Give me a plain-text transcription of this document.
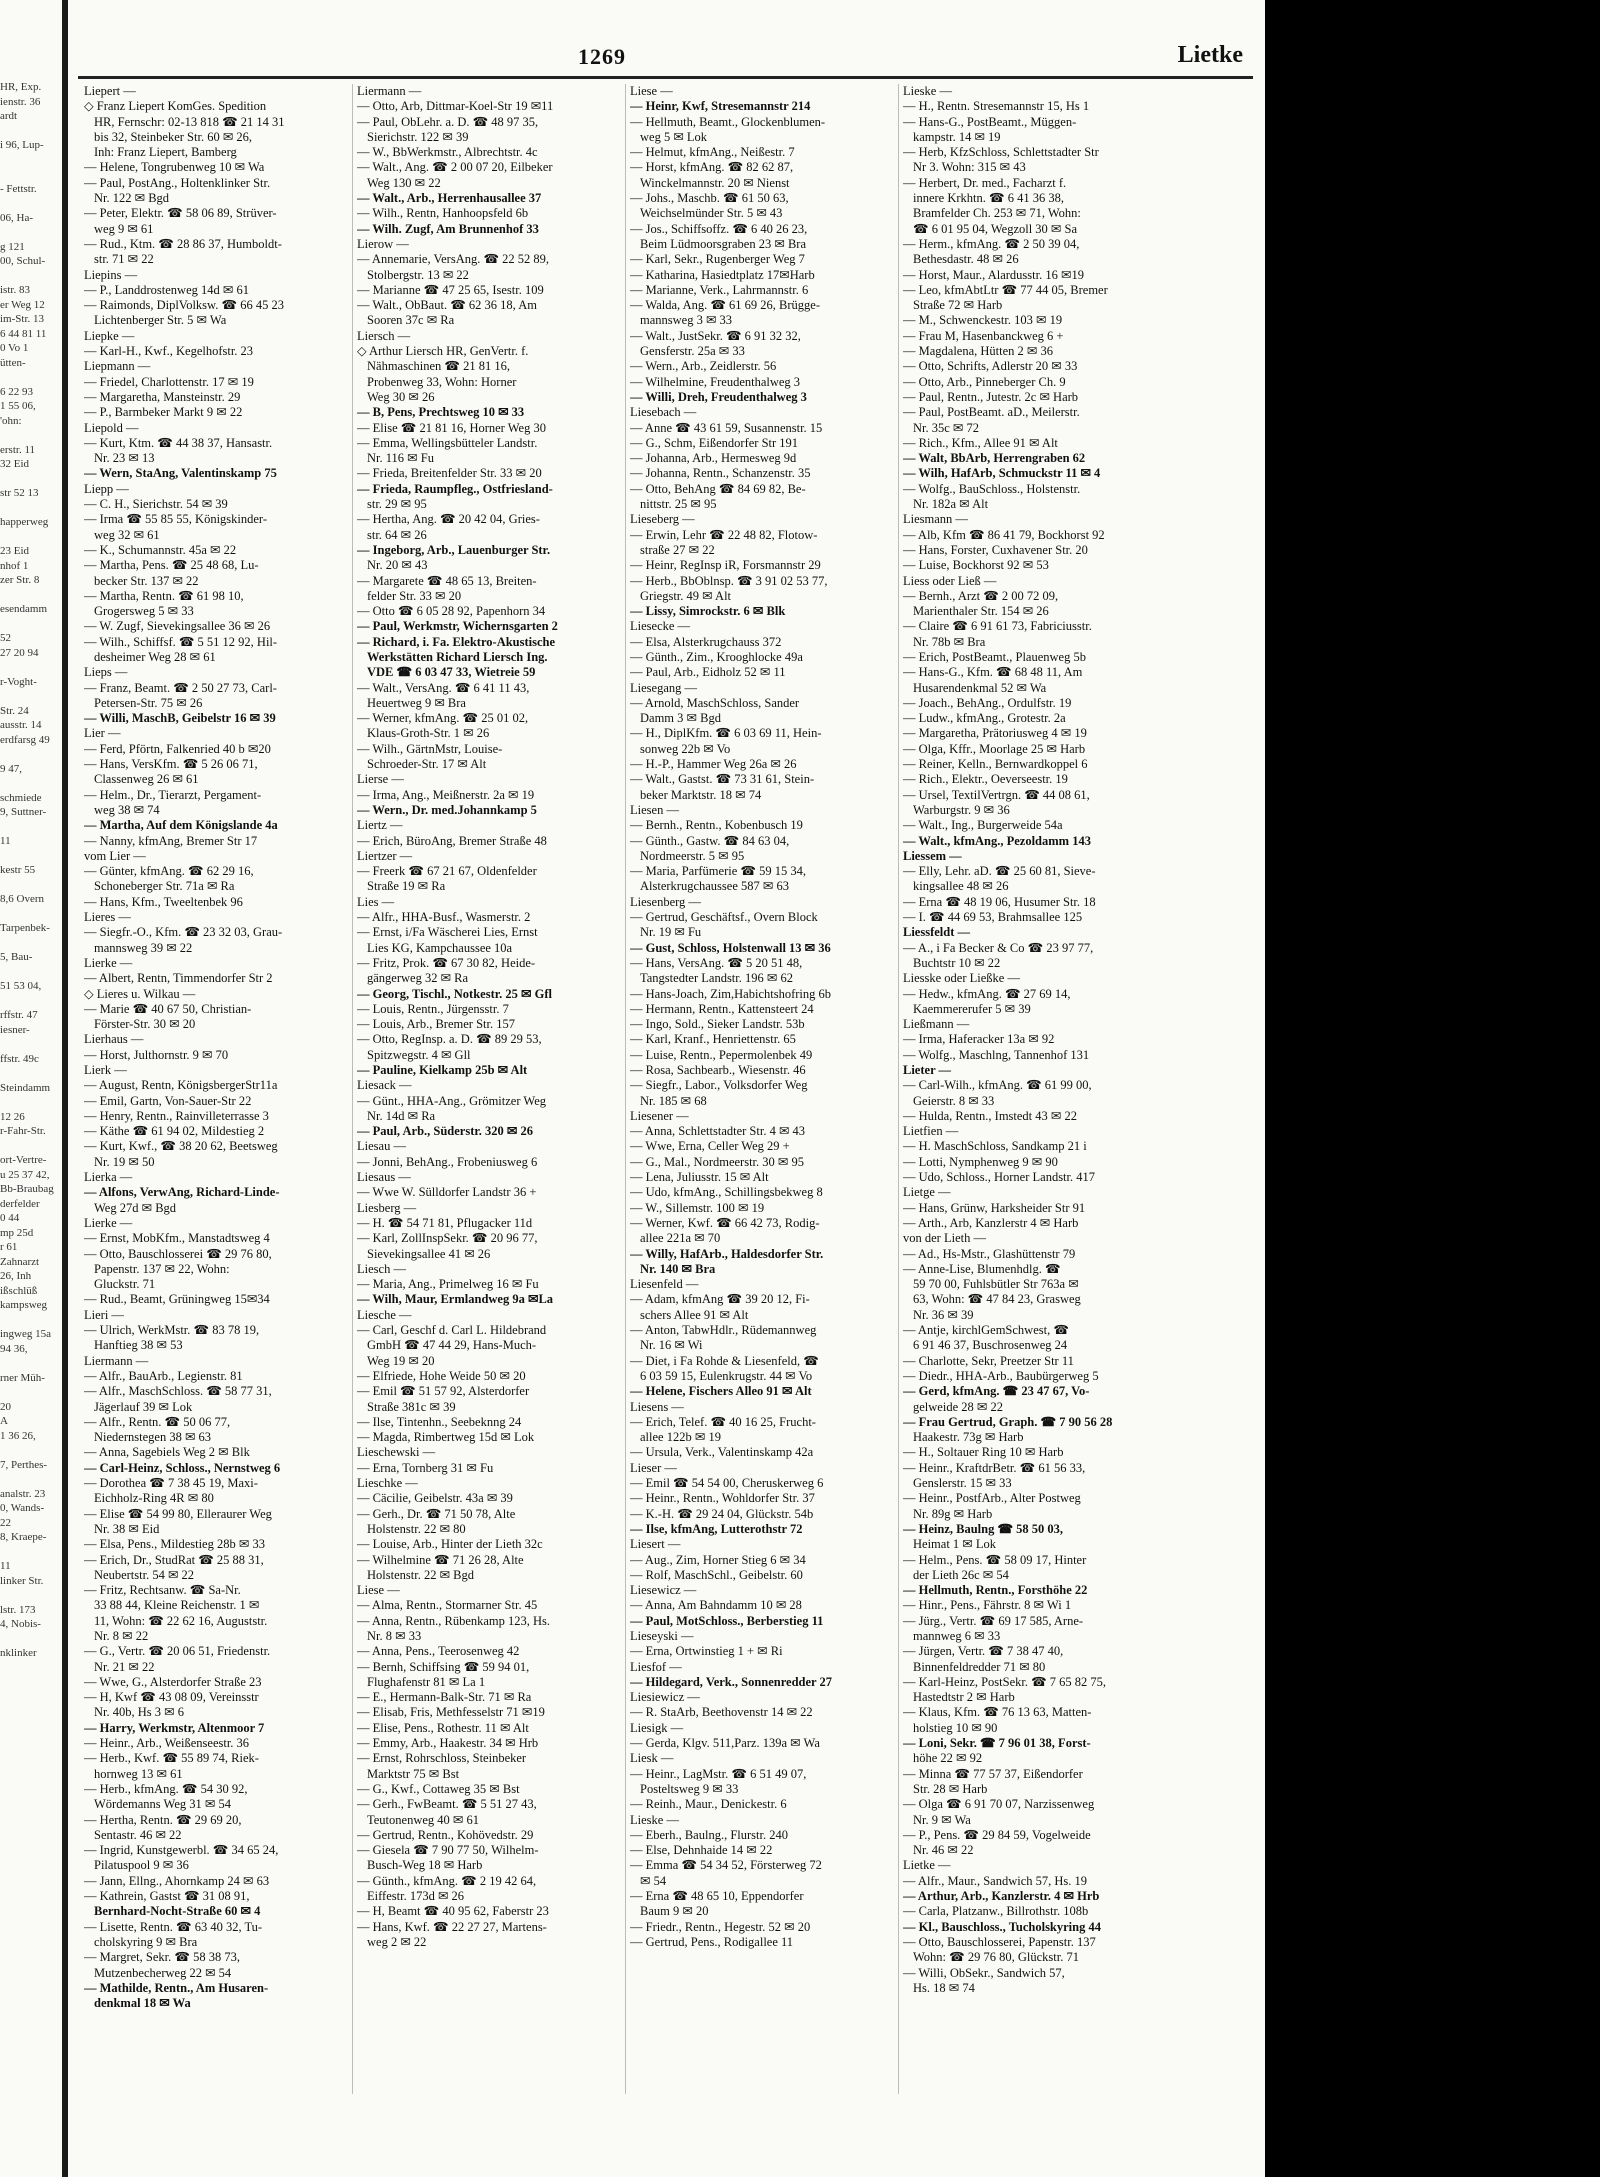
HR, Exp.
ienstr. 36
ardt
i 96, Lup-
- Fettstr.
06, Ha-
g 121
00, Schul-
istr. 83
er Weg 12
im-Str. 13
6 44 81 11
0 Vo 1
ütten-
6 22 93
1 55 06,
'ohn:
erstr. 11
32 Eid
str 52 13
happerweg
23 Eid
nhof 1
zer Str. 8
esendamm
52
27 20 94
r-Voght-
Str. 24
ausstr. 14
erdfarsg 49
9 47,
schmiede
9, Suttner-
11
kestr 55
8,6 Overn
Tarpenbek-
5, Bau-
51 53 04,
rffstr. 47
iesner-
ffstr. 49c
Steindamm
12 26
r-Fahr-Str.
ort-Vertre-
u 25 37 42,
Bb-Braubag
derfelder
0 44
mp 25d
r 61
Zahnarzt
26, Inh
ißschlüß
kampsweg
ingweg 15a
94 36,
rner Müh-
20
A
1 36 26,
7, Perthes-
analstr. 23
0, Wands-
22
8, Kraepe-
11
linker Str.
lstr. 173
4, Nobis-
nklinker
1269	Lietke
Liepert —
◇ Franz Liepert KomGes. Spedition
HR, Fernschr: 02-13 818 ☎ 21 14 31
bis 32, Steinbeker Str. 60 ✉ 26,
Inh: Franz Liepert, Bamberg
— Helene, Tongrubenweg 10 ✉ Wa
— Paul, PostAng., Holtenklinker Str.
Nr. 122 ✉ Bgd
— Peter, Elektr. ☎ 58 06 89, Strüver-
weg 9 ✉ 61
— Rud., Ktm. ☎ 28 86 37, Humboldt-
str. 71 ✉ 22
Liepins —
— P., Landdrostenweg 14d ✉ 61
— Raimonds, DiplVolksw. ☎ 66 45 23
Lichtenberger Str. 5 ✉ Wa
Liepke —
— Karl-H., Kwf., Kegelhofstr. 23
Liepmann —
— Friedel, Charlottenstr. 17 ✉ 19
— Margaretha, Mansteinstr. 29
— P., Barmbeker Markt 9 ✉ 22
Liepold —
— Kurt, Ktm. ☎ 44 38 37, Hansastr.
Nr. 23 ✉ 13
— Wern, StaAng, Valentinskamp 75
Liepp —
— C. H., Sierichstr. 54 ✉ 39
— Irma ☎ 55 85 55, Königskinder-
weg 32 ✉ 61
— K., Schumannstr. 45a ✉ 22
— Martha, Pens. ☎ 25 48 68, Lu-
becker Str. 137 ✉ 22
— Martha, Rentn. ☎ 61 98 10,
Grogersweg 5 ✉ 33
— W. Zugf, Sievekingsallee 36 ✉ 26
— Wilh., Schiffsf. ☎ 5 51 12 92, Hil-
desheimer Weg 28 ✉ 61
Lieps —
— Franz, Beamt. ☎ 2 50 27 73, Carl-
Petersen-Str. 75 ✉ 26
— Willi, MaschB, Geibelstr 16 ✉ 39
Lier —
— Ferd, Pförtn, Falkenried 40 b ✉20
— Hans, VersKfm. ☎ 5 26 06 71,
Classenweg 26 ✉ 61
— Helm., Dr., Tierarzt, Pergament-
weg 38 ✉ 74
— Martha, Auf dem Königslande 4a
— Nanny, kfmAng, Bremer Str 17
vom Lier —
— Günter, kfmAng. ☎ 62 29 16,
Schoneberger Str. 71a ✉ Ra
— Hans, Kfm., Tweeltenbek 96
Lieres —
— Siegfr.-O., Kfm. ☎ 23 32 03, Grau-
mannsweg 39 ✉ 22
Lierke —
— Albert, Rentn, Timmendorfer Str 2
◇ Lieres u. Wilkau —
— Marie ☎ 40 67 50, Christian-
Förster-Str. 30 ✉ 20
Lierhaus —
— Horst, Julthornstr. 9 ✉ 70
Lierk —
— August, Rentn, KönigsbergerStr11a
— Emil, Gartn, Von-Sauer-Str 22
— Henry, Rentn., Rainvilleterrasse 3
— Käthe ☎ 61 94 02, Mildestieg 2
— Kurt, Kwf., ☎ 38 20 62, Beetsweg
Nr. 19 ✉ 50
Lierka —
— Alfons, VerwAng, Richard-Linde-
Weg 27d ✉ Bgd
Lierke —
— Ernst, MobKfm., Manstadtsweg 4
— Otto, Bauschlosserei ☎ 29 76 80,
Papenstr. 137 ✉ 22, Wohn:
Gluckstr. 71
— Rud., Beamt, Grüningweg 15✉34
Lieri —
— Ulrich, WerkMstr. ☎ 83 78 19,
Hanftieg 38 ✉ 53
Liermann —
— Alfr., BauArb., Legienstr. 81
— Alfr., MaschSchloss. ☎ 58 77 31,
Jägerlauf 39 ✉ Lok
— Alfr., Rentn. ☎ 50 06 77,
Niedernstegen 38 ✉ 63
— Anna, Sagebiels Weg 2 ✉ Blk
— Carl-Heinz, Schloss., Nernstweg 6
— Dorothea ☎ 7 38 45 19, Maxi-
Eichholz-Ring 4R ✉ 80
— Elise ☎ 54 99 80, Elleraurer Weg
Nr. 38 ✉ Eid
— Elsa, Pens., Mildestieg 28b ✉ 33
— Erich, Dr., StudRat ☎ 25 88 31,
Neubertstr. 54 ✉ 22
— Fritz, Rechtsanw. ☎ Sa-Nr.
33 88 44, Kleine Reichenstr. 1 ✉
11, Wohn: ☎ 22 62 16, Auguststr.
Nr. 8 ✉ 22
— G., Vertr. ☎ 20 06 51, Friedenstr.
Nr. 21 ✉ 22
— Wwe, G., Alsterdorfer Straße 23
— H, Kwf ☎ 43 08 09, Vereinsstr
Nr. 40b, Hs 3 ✉ 6
— Harry, Werkmstr, Altenmoor 7
— Heinr., Arb., Weißenseestr. 36
— Herb., Kwf. ☎ 55 89 74, Riek-
hornweg 13 ✉ 61
— Herb., kfmAng. ☎ 54 30 92,
Wördemanns Weg 31 ✉ 54
— Hertha, Rentn. ☎ 29 69 20,
Sentastr. 46 ✉ 22
— Ingrid, Kunstgewerbl. ☎ 34 65 24,
Pilatuspool 9 ✉ 36
— Jann, Ellng., Ahornkamp 24 ✉ 63
— Kathrein, Gastst ☎ 31 08 91,
Bernhard-Nocht-Straße 60 ✉ 4
— Lisette, Rentn. ☎ 63 40 32, Tu-
cholskyring 9 ✉ Bra
— Margret, Sekr. ☎ 58 38 73,
Mutzenbecherweg 22 ✉ 54
— Mathilde, Rentn., Am Husaren-
denkmal 18 ✉ Wa
Liermann —
— Otto, Arb, Dittmar-Koel-Str 19 ✉11
— Paul, ObLehr. a. D. ☎ 48 97 35,
Sierichstr. 122 ✉ 39
— W., BbWerkmstr., Albrechtstr. 4c
— Walt., Ang. ☎ 2 00 07 20, Eilbeker
Weg 130 ✉ 22
— Walt., Arb., Herrenhausallee 37
— Wilh., Rentn, Hanhoopsfeld 6b
— Wilh. Zugf, Am Brunnenhof 33
Lierow —
— Annemarie, VersAng. ☎ 22 52 89,
Stolbergstr. 13 ✉ 22
— Marianne ☎ 47 25 65, Isestr. 109
— Walt., ObBaut. ☎ 62 36 18, Am
Sooren 37c ✉ Ra
Liersch —
◇ Arthur Liersch HR, GenVertr. f.
Nähmaschinen ☎ 21 81 16,
Probenweg 33, Wohn: Horner
Weg 30 ✉ 26
— B, Pens, Prechtsweg 10 ✉ 33
— Elise ☎ 21 81 16, Horner Weg 30
— Emma, Wellingsbütteler Landstr.
Nr. 116 ✉ Fu
— Frieda, Breitenfelder Str. 33 ✉ 20
— Frieda, Raumpfleg., Ostfriesland-
str. 29 ✉ 95
— Hertha, Ang. ☎ 20 42 04, Gries-
str. 64 ✉ 26
— Ingeborg, Arb., Lauenburger Str.
Nr. 20 ✉ 43
— Margarete ☎ 48 65 13, Breiten-
felder Str. 33 ✉ 20
— Otto ☎ 6 05 28 92, Papenhorn 34
— Paul, Werkmstr, Wichernsgarten 2
— Richard, i. Fa. Elektro-Akustische
Werkstätten Richard Liersch Ing.
VDE ☎ 6 03 47 33, Wietreie 59
— Walt., VersAng. ☎ 6 41 11 43,
Heuertweg 9 ✉ Bra
— Werner, kfmAng. ☎ 25 01 02,
Klaus-Groth-Str. 1 ✉ 26
— Wilh., GärtnMstr, Louise-
Schroeder-Str. 17 ✉ Alt
Lierse —
— Irma, Ang., Meißnerstr. 2a ✉ 19
— Wern., Dr. med.Johannkamp 5
Liertz —
— Erich, BüroAng, Bremer Straße 48
Liertzer —
— Freerk ☎ 67 21 67, Oldenfelder
Straße 19 ✉ Ra
Lies —
— Alfr., HHA-Busf., Wasmerstr. 2
— Ernst, i/Fa Wäscherei Lies, Ernst
Lies KG, Kampchaussee 10a
— Fritz, Prok. ☎ 67 30 82, Heide-
gängerweg 32 ✉ Ra
— Georg, Tischl., Notkestr. 25 ✉ Gfl
— Louis, Rentn., Jürgensstr. 7
— Louis, Arb., Bremer Str. 157
— Otto, RegInsp. a. D. ☎ 89 29 53,
Spitzwegstr. 4 ✉ Gll
— Pauline, Kielkamp 25b ✉ Alt
Liesack —
— Günt., HHA-Ang., Grömitzer Weg
Nr. 14d ✉ Ra
— Paul, Arb., Süderstr. 320 ✉ 26
Liesau —
— Jonni, BehAng., Frobeniusweg 6
Liesaus —
— Wwe W. Sülldorfer Landstr 36 +
Liesberg —
— H. ☎ 54 71 81, Pflugacker 11d
— Karl, ZollInspSekr. ☎ 20 96 77,
Sievekingsallee 41 ✉ 26
Liesch —
— Maria, Ang., Primelweg 16 ✉ Fu
— Wilh, Maur, Ermlandweg 9a ✉La
Liesche —
— Carl, Geschf d. Carl L. Hildebrand
GmbH ☎ 47 44 29, Hans-Much-
Weg 19 ✉ 20
— Elfriede, Hohe Weide 50 ✉ 20
— Emil ☎ 51 57 92, Alsterdorfer
Straße 381c ✉ 39
— Ilse, Tintenhn., Seebeknng 24
— Magda, Rimbertweg 15d ✉ Lok
Lieschewski —
— Erna, Tornberg 31 ✉ Fu
Lieschke —
— Cäcilie, Geibelstr. 43a ✉ 39
— Gerh., Dr. ☎ 71 50 78, Alte
Holstenstr. 22 ✉ 80
— Louise, Arb., Hinter der Lieth 32c
— Wilhelmine ☎ 71 26 28, Alte
Holstenstr. 22 ✉ Bgd
Liese —
— Alma, Rentn., Stormarner Str. 45
— Anna, Rentn., Rübenkamp 123, Hs.
Nr. 8 ✉ 33
— Anna, Pens., Teerosenweg 42
— Bernh, Schiffsing ☎ 59 94 01,
Flughafenstr 81 ✉ La 1
— E., Hermann-Balk-Str. 71 ✉ Ra
— Elisab, Fris, Methfesselstr 71 ✉19
— Elise, Pens., Rothestr. 11 ✉ Alt
— Emmy, Arb., Haakestr. 34 ✉ Hrb
— Ernst, Rohrschloss, Steinbeker
Marktstr 75 ✉ Bst
— G., Kwf., Cottaweg 35 ✉ Bst
— Gerh., FwBeamt. ☎ 5 51 27 43,
Teutonenweg 40 ✉ 61
— Gertrud, Rentn., Kohövedstr. 29
— Giesela ☎ 7 90 77 50, Wilhelm-
Busch-Weg 18 ✉ Harb
— Günth., kfmAng. ☎ 2 19 42 64,
Eiffestr. 173d ✉ 26
— H, Beamt ☎ 40 95 62, Faberstr 23
— Hans, Kwf. ☎ 22 27 27, Martens-
weg 2 ✉ 22
Liese —
— Heinr, Kwf, Stresemannstr 214
— Hellmuth, Beamt., Glockenblumen-
weg 5 ✉ Lok
— Helmut, kfmAng., Neißestr. 7
— Horst, kfmAng. ☎ 82 62 87,
Winckelmannstr. 20 ✉ Nienst
— Johs., Maschb. ☎ 61 50 63,
Weichselmünder Str. 5 ✉ 43
— Jos., Schiffsoffz. ☎ 6 40 26 23,
Beim Lüdmoorsgraben 23 ✉ Bra
— Karl, Sekr., Rugenberger Weg 7
— Katharina, Hasiedtplatz 17✉Harb
— Marianne, Verk., Lahrmannstr. 6
— Walda, Ang. ☎ 61 69 26, Brügge-
mannsweg 3 ✉ 33
— Walt., JustSekr. ☎ 6 91 32 32,
Gensferstr. 25a ✉ 33
— Wern., Arb., Zeidlerstr. 56
— Wilhelmine, Freudenthalweg 3
— Willi, Dreh, Freudenthalweg 3
Liesebach —
— Anne ☎ 43 61 59, Susannenstr. 15
— G., Schm, Eißendorfer Str 191
— Johanna, Arb., Hermesweg 9d
— Johanna, Rentn., Schanzenstr. 35
— Otto, BehAng ☎ 84 69 82, Be-
nittstr. 25 ✉ 95
Lieseberg —
— Erwin, Lehr ☎ 22 48 82, Flotow-
straße 27 ✉ 22
— Heinr, RegInsp iR, Forsmannstr 29
— Herb., BbOblnsp. ☎ 3 91 02 53 77,
Griegstr. 49 ✉ Alt
— Lissy, Simrockstr. 6 ✉ Blk
Liesecke —
— Elsa, Alsterkrugchauss 372
— Günth., Zim., Krooghlocke 49a
— Paul, Arb., Eidholz 52 ✉ 11
Liesegang —
— Arnold, MaschSchloss, Sander
Damm 3 ✉ Bgd
— H., DiplKfm. ☎ 6 03 69 11, Hein-
sonweg 22b ✉ Vo
— H.-P., Hammer Weg 26a ✉ 26
— Walt., Gastst. ☎ 73 31 61, Stein-
beker Marktstr. 18 ✉ 74
Liesen —
— Bernh., Rentn., Kobenbusch 19
— Günth., Gastw. ☎ 84 63 04,
Nordmeerstr. 5 ✉ 95
— Maria, Parfümerie ☎ 59 15 34,
Alsterkrugchaussee 587 ✉ 63
Liesenberg —
— Gertrud, Geschäftsf., Overn Block
Nr. 19 ✉ Fu
— Gust, Schloss, Holstenwall 13 ✉ 36
— Hans, VersAng. ☎ 5 20 51 48,
Tangstedter Landstr. 196 ✉ 62
— Hans-Joach, Zim,Habichtshofring 6b
— Hermann, Rentn., Kattensteert 24
— Ingo, Sold., Sieker Landstr. 53b
— Karl, Kranf., Henriettenstr. 65
— Luise, Rentn., Pepermolenbek 49
— Rosa, Sachbearb., Wiesenstr. 46
— Siegfr., Labor., Volksdorfer Weg
Nr. 185 ✉ 68
Liesener —
— Anna, Schlettstadter Str. 4 ✉ 43
— Wwe, Erna, Celler Weg 29 +
— G., Mal., Nordmeerstr. 30 ✉ 95
— Lena, Juliusstr. 15 ✉ Alt
— Udo, kfmAng., Schillingsbekweg 8
— W., Sillemstr. 100 ✉ 19
— Werner, Kwf. ☎ 66 42 73, Rodig-
allee 221a ✉ 70
— Willy, HafArb., Haldesdorfer Str.
Nr. 140 ✉ Bra
Liesenfeld —
— Adam, kfmAng ☎ 39 20 12, Fi-
schers Allee 91 ✉ Alt
— Anton, TabwHdlr., Rüdemannweg
Nr. 16 ✉ Wi
— Diet, i Fa Rohde & Liesenfeld, ☎
6 03 59 15, Eulenkrugstr. 44 ✉ Vo
— Helene, Fischers Alleo 91 ✉ Alt
Liesens —
— Erich, Telef. ☎ 40 16 25, Frucht-
allee 122b ✉ 19
— Ursula, Verk., Valentinskamp 42a
Lieser —
— Emil ☎ 54 54 00, Cheruskerweg 6
— Heinr., Rentn., Wohldorfer Str. 37
— K.-H. ☎ 29 24 04, Glückstr. 54b
— Ilse, kfmAng, Lutterothstr 72
Liesert —
— Aug., Zim, Horner Stieg 6 ✉ 34
— Rolf, MaschSchl., Geibelstr. 60
Liesewicz —
— Anna, Am Bahndamm 10 ✉ 28
— Paul, MotSchloss., Berberstieg 11
Lieseyski —
— Erna, Ortwinstieg 1 + ✉ Ri
Liesfof —
— Hildegard, Verk., Sonnenredder 27
Liesiewicz —
— R. StaArb, Beethovenstr 14 ✉ 22
Liesigk —
— Gerda, Klgv. 511,Parz. 139a ✉ Wa
Liesk —
— Heinr., LagMstr. ☎ 6 51 49 07,
Posteltsweg 9 ✉ 33
— Reinh., Maur., Denickestr. 6
Lieske —
— Eberh., Baulng., Flurstr. 240
— Else, Dehnhaide 14 ✉ 22
— Emma ☎ 54 34 52, Försterweg 72
✉ 54
— Erna ☎ 48 65 10, Eppendorfer
Baum 9 ✉ 20
— Friedr., Rentn., Hegestr. 52 ✉ 20
— Gertrud, Pens., Rodigallee 11
Lieske —
— H., Rentn. Stresemannstr 15, Hs 1
— Hans-G., PostBeamt., Müggen-
kampstr. 14 ✉ 19
— Herb, KfzSchloss, Schlettstadter Str
Nr 3. Wohn: 315 ✉ 43
— Herbert, Dr. med., Facharzt f.
innere Krkhtn. ☎ 6 41 36 38,
Bramfelder Ch. 253 ✉ 71, Wohn:
☎ 6 01 95 04, Wegzoll 30 ✉ Sa
— Herm., kfmAng. ☎ 2 50 39 04,
Bethesdastr. 48 ✉ 26
— Horst, Maur., Alardusstr. 16 ✉19
— Leo, kfmAbtLtr ☎ 77 44 05, Bremer
Straße 72 ✉ Harb
— M., Schwenckestr. 103 ✉ 19
— Frau M, Hasenbanckweg 6 +
— Magdalena, Hütten 2 ✉ 36
— Otto, Schrifts, Adlerstr 20 ✉ 33
— Otto, Arb., Pinneberger Ch. 9
— Paul, Rentn., Jutestr. 2c ✉ Harb
— Paul, PostBeamt. aD., Meilerstr.
Nr. 35c ✉ 72
— Rich., Kfm., Allee 91 ✉ Alt
— Walt, BbArb, Herrengraben 62
— Wilh, HafArb, Schmuckstr 11 ✉ 4
— Wolfg., BauSchloss., Holstenstr.
Nr. 182a ✉ Alt
Liesmann —
— Alb, Kfm ☎ 86 41 79, Bockhorst 92
— Hans, Forster, Cuxhavener Str. 20
— Luise, Bockhorst 92 ✉ 53
Liess oder Ließ —
— Bernh., Arzt ☎ 2 00 72 09,
Marienthaler Str. 154 ✉ 26
— Claire ☎ 6 91 61 73, Fabriciusstr.
Nr. 78b ✉ Bra
— Erich, PostBeamt., Plauenweg 5b
— Hans-G., Kfm. ☎ 68 48 11, Am
Husarendenkmal 52 ✉ Wa
— Joach., BehAng., Ordulfstr. 19
— Ludw., kfmAng., Grotestr. 2a
— Margaretha, Prätoriusweg 4 ✉ 19
— Olga, Kffr., Moorlage 25 ✉ Harb
— Reiner, Kelln., Bernwardkoppel 6
— Rich., Elektr., Oeverseestr. 19
— Ursel, TextilVertrgn. ☎ 44 08 61,
Warburgstr. 9 ✉ 36
— Walt., Ing., Burgerweide 54a
— Walt., kfmAng., Pezoldamm 143
Liessem —
— Elly, Lehr. aD. ☎ 25 60 81, Sieve-
kingsallee 48 ✉ 26
— Erna ☎ 48 19 06, Husumer Str. 18
— I. ☎ 44 69 53, Brahmsallee 125
Liessfeldt —
— A., i Fa Becker & Co ☎ 23 97 77,
Buchtstr 10 ✉ 22
Liesske oder Ließke —
— Hedw., kfmAng. ☎ 27 69 14,
Kaemmererufer 5 ✉ 39
Ließmann —
— Irma, Haferacker 13a ✉ 92
— Wolfg., Maschlng, Tannenhof 131
Lieter —
— Carl-Wilh., kfmAng. ☎ 61 99 00,
Geierstr. 8 ✉ 33
— Hulda, Rentn., Imstedt 43 ✉ 22
Lietfien —
— H. MaschSchloss, Sandkamp 21 i
— Lotti, Nymphenweg 9 ✉ 90
— Udo, Schloss., Horner Landstr. 417
Lietge —
— Hans, Grünw, Harksheider Str 91
— Arth., Arb, Kanzlerstr 4 ✉ Harb
von der Lieth —
— Ad., Hs-Mstr., Glashüttenstr 79
— Anne-Lise, Blumenhdlg. ☎
59 70 00, Fuhlsbütler Str 763a ✉
63, Wohn: ☎ 47 84 23, Grasweg
Nr. 36 ✉ 39
— Antje, kirchlGemSchwest, ☎
6 91 46 37, Buschrosenweg 24
— Charlotte, Sekr, Preetzer Str 11
— Diedr., HHA-Arb., Baubürgerweg 5
— Gerd, kfmAng. ☎ 23 47 67, Vo-
gelweide 28 ✉ 22
— Frau Gertrud, Graph. ☎ 7 90 56 28
Haakestr. 73g ✉ Harb
— H., Soltauer Ring 10 ✉ Harb
— Heinr., KraftdrBetr. ☎ 61 56 33,
Genslerstr. 15 ✉ 33
— Heinr., PostfArb., Alter Postweg
Nr. 89g ✉ Harb
— Heinz, Baulng ☎ 58 50 03,
Heimat 1 ✉ Lok
— Helm., Pens. ☎ 58 09 17, Hinter
der Lieth 26c ✉ 54
— Hellmuth, Rentn., Forsthöhe 22
— Hinr., Pens., Fährstr. 8 ✉ Wi 1
— Jürg., Vertr. ☎ 69 17 585, Arne-
mannweg 6 ✉ 33
— Jürgen, Vertr. ☎ 7 38 47 40,
Binnenfeldredder 71 ✉ 80
— Karl-Heinz, PostSekr. ☎ 7 65 82 75,
Hastedtstr 2 ✉ Harb
— Klaus, Kfm. ☎ 76 13 63, Matten-
holstieg 10 ✉ 90
— Loni, Sekr. ☎ 7 96 01 38, Forst-
höhe 22 ✉ 92
— Minna ☎ 77 57 37, Eißendorfer
Str. 28 ✉ Harb
— Olga ☎ 6 91 70 07, Narzissenweg
Nr. 9 ✉ Wa
— P., Pens. ☎ 29 84 59, Vogelweide
Nr. 46 ✉ 22
Lietke —
— Alfr., Maur., Sandwich 57, Hs. 19
— Arthur, Arb., Kanzlerstr. 4 ✉ Hrb
— Carla, Platzanw., Billrothstr. 108b
— Kl., Bauschloss., Tucholskyring 44
— Otto, Bauschlosserei, Papenstr. 137
Wohn: ☎ 29 76 80, Glückstr. 71
— Willi, ObSekr., Sandwich 57,
Hs. 18 ✉ 74
